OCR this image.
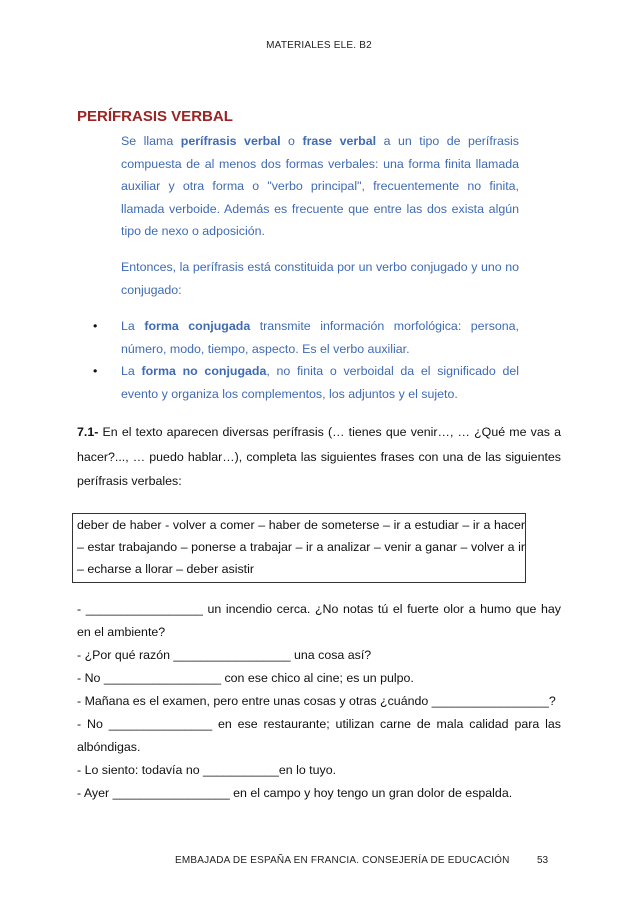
MATERIALES ELE. B2
PERÍFRASIS VERBAL

Se llama perífrasis verbal o frase verbal a un tipo de perífrasis compuesta de al menos dos formas verbales: una forma finita llamada auxiliar y otra forma o "verbo principal", frecuentemente no finita, llamada verboide. Además es frecuente que entre las dos exista algún tipo de nexo o adposición.

Entonces, la perífrasis está constituida por un verbo conjugado y uno no conjugado:

• La forma conjugada transmite información morfológica: persona, número, modo, tiempo, aspecto. Es el verbo auxiliar.

• La forma no conjugada, no finita o verboidal da el significado del evento y organiza los complementos, los adjuntos y el sujeto.

7.1- En el texto aparecen diversas perífrasis (… tienes que venir…, … ¿Qué me vas a hacer?..., … puedo hablar…), completa las siguientes frases con una de las siguientes perífrasis verbales:
deber de haber - volver a comer – haber de someterse – ir a estudiar – ir a hacer – estar trabajando – ponerse a trabajar – ir a analizar – venir a ganar – volver a ir – echarse a llorar – deber asistir

- _________________ un incendio cerca. ¿No notas tú el fuerte olor a humo que hay en el ambiente?

- ¿Por qué razón _________________ una cosa así?

- No _________________ con ese chico al cine; es un pulpo.

- Mañana es el examen, pero entre unas cosas y otras ¿cuándo _________________?

- No _______________ en ese restaurante; utilizan carne de mala calidad para las albóndigas.

- Lo siento: todavía no ___________en lo tuyo.

- Ayer _________________ en el campo y hoy tengo un gran dolor de espalda.

EMBAJADA DE ESPAÑA EN FRANCIA. CONSEJERÍA DE EDUCACIÓN	53
